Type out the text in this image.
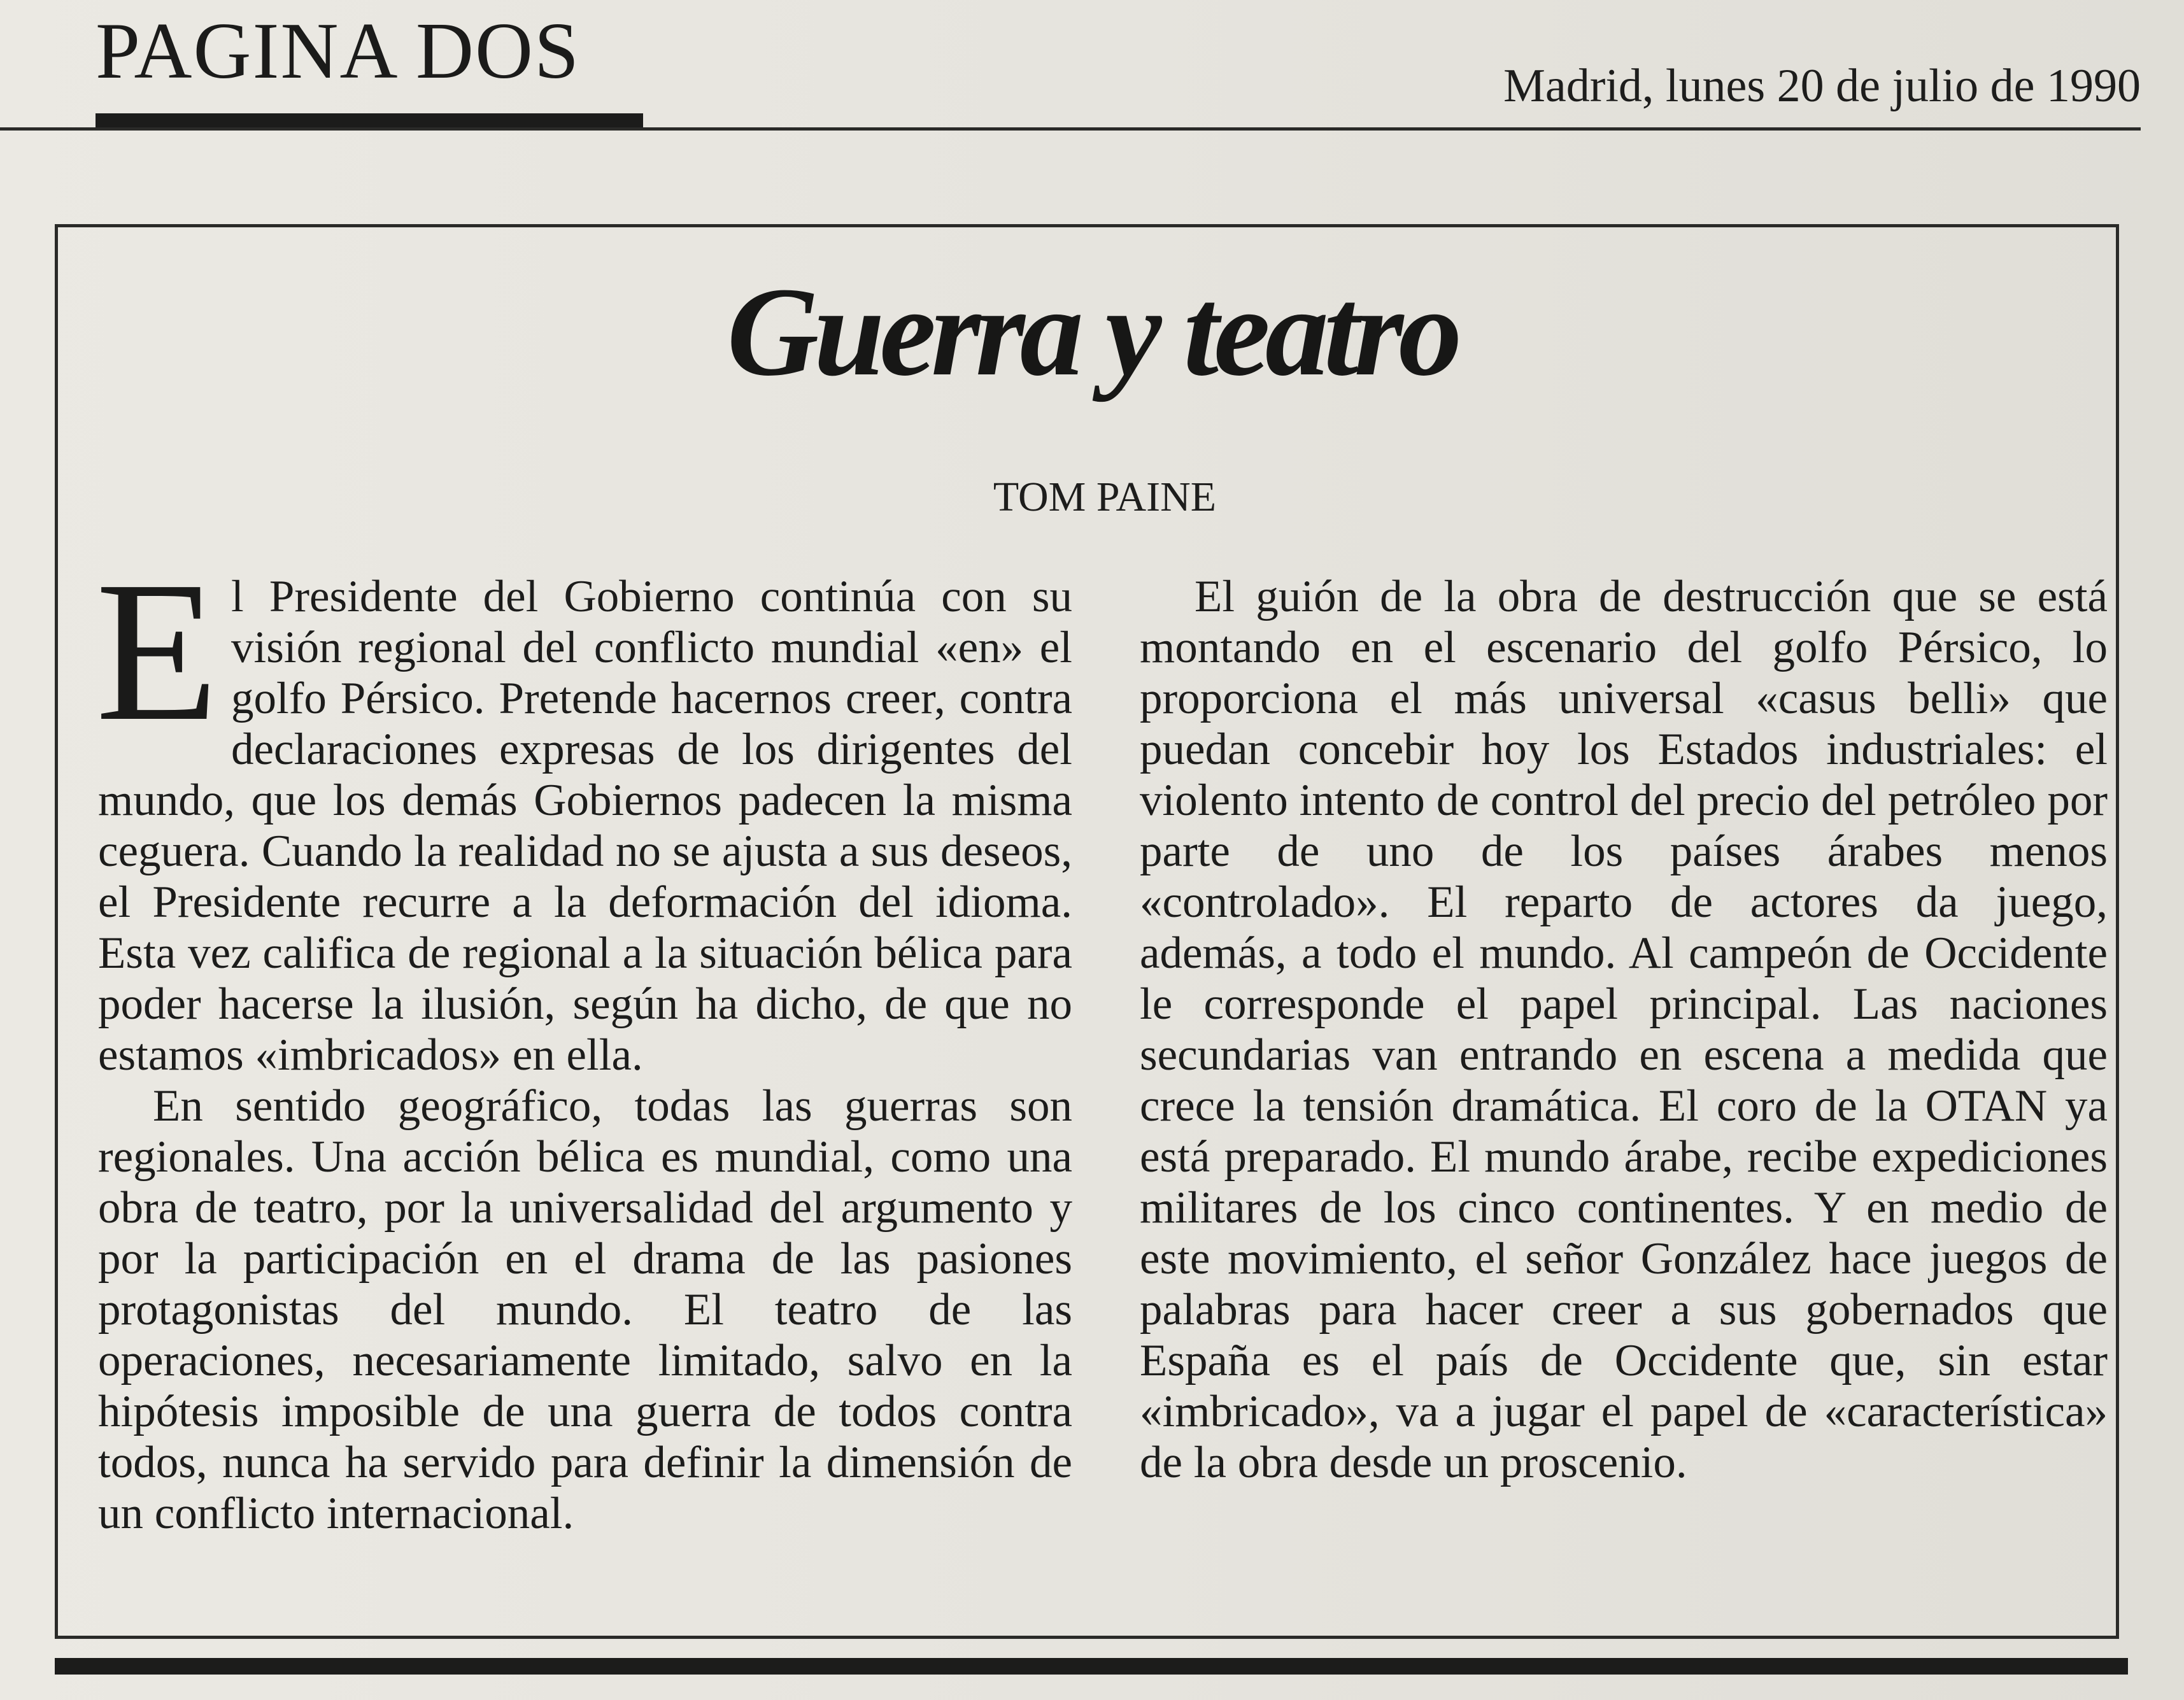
PAGINA DOS	Madrid, lunes 20 de julio de 1990
Guerra y teatro
TOM PAINE

El Presidente del Gobierno continúa con su visión regional del conflicto mundial «en» el golfo Pérsico. Pretende hacernos creer, contra declaraciones expresas de los dirigentes del mundo, que los demás Gobiernos padecen la misma ceguera. Cuando la realidad no se ajusta a sus deseos, el Presidente recurre a la deformación del idioma. Esta vez califica de regional a la situación bélica para poder hacerse la ilusión, según ha dicho, de que no estamos «imbricados» en ella.

En sentido geográfico, todas las guerras son regionales. Una acción bélica es mundial, como una obra de teatro, por la universalidad del argumento y por la participación en el drama de las pasiones protagonistas del mundo. El teatro de las operaciones, necesariamente limitado, salvo en la hipótesis imposible de una guerra de todos contra todos, nunca ha servido para definir la dimensión de un conflicto internacional.

El guión de la obra de destrucción que se está montando en el escenario del golfo Pérsico, lo proporciona el más universal «casus belli» que puedan concebir hoy los Estados industriales: el violento intento de control del precio del petróleo por parte de uno de los países árabes menos «controlado». El reparto de actores da juego, además, a todo el mundo. Al campeón de Occidente le corresponde el papel principal. Las naciones secundarias van entrando en escena a medida que crece la tensión dramática. El coro de la OTAN ya está preparado. El mundo árabe, recibe expediciones militares de los cinco continentes. Y en medio de este movimiento, el señor González hace juegos de palabras para hacer creer a sus gobernados que España es el país de Occidente que, sin estar «imbricado», va a jugar el papel de «característica» de la obra desde un proscenio.
